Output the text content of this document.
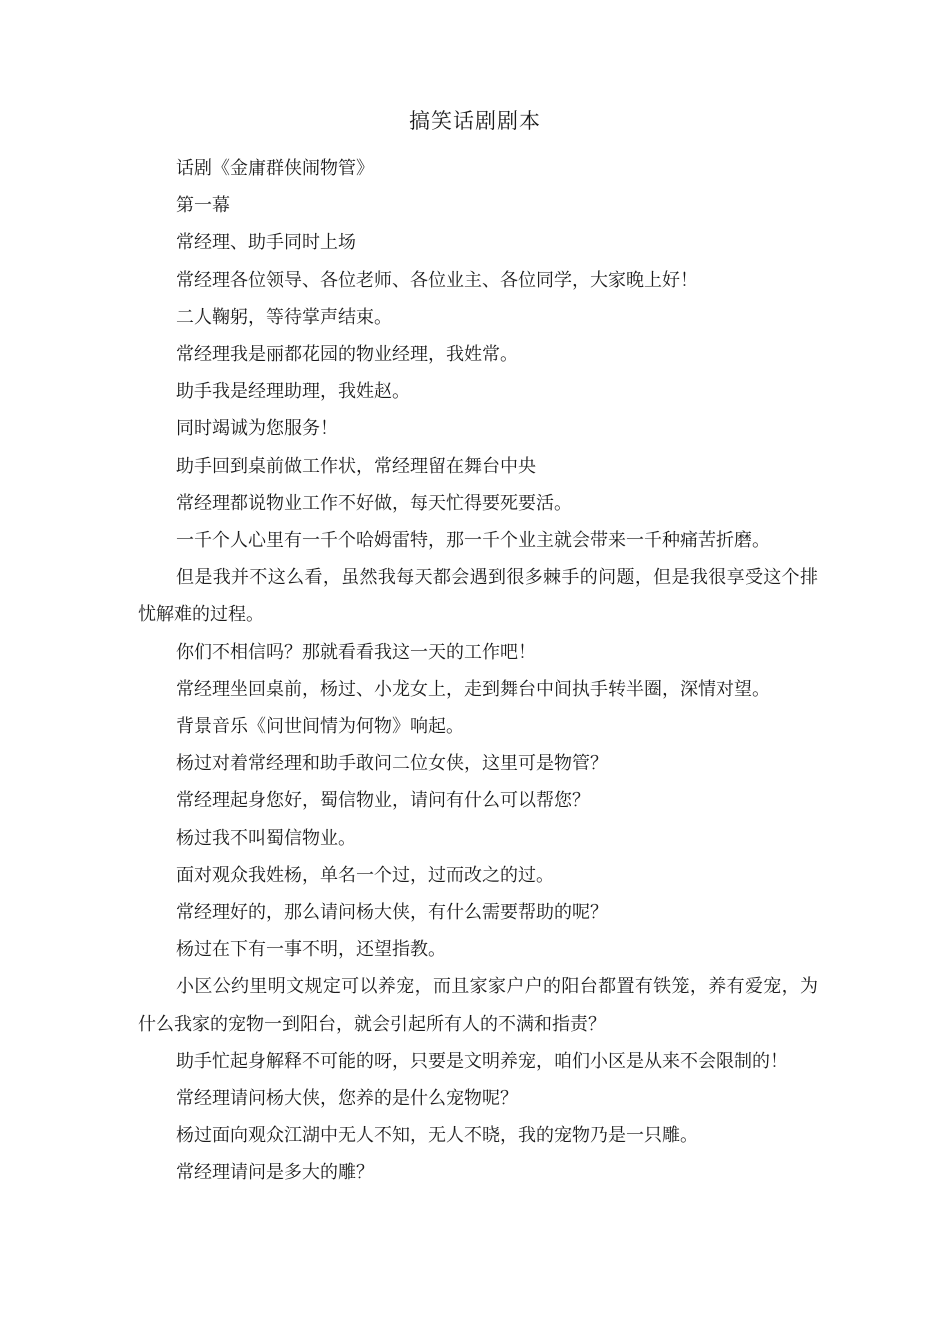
搞笑话剧剧本

话剧《金庸群侠闹物管》

第一幕

常经理、助手同时上场

常经理各位领导、各位老师、各位业主、各位同学，大家晚上好！

二人鞠躬，等待掌声结束。

常经理我是丽都花园的物业经理，我姓常。

助手我是经理助理，我姓赵。

同时竭诚为您服务！

助手回到桌前做工作状，常经理留在舞台中央

常经理都说物业工作不好做，每天忙得要死要活。

一千个人心里有一千个哈姆雷特，那一千个业主就会带来一千种痛苦折磨。

但是我并不这么看，虽然我每天都会遇到很多棘手的问题，但是我很享受这个排忧解难的过程。

你们不相信吗？那就看看我这一天的工作吧！

常经理坐回桌前，杨过、小龙女上，走到舞台中间执手转半圈，深情对望。

背景音乐《问世间情为何物》响起。

杨过对着常经理和助手敢问二位女侠，这里可是物管？

常经理起身您好，蜀信物业，请问有什么可以帮您？

杨过我不叫蜀信物业。

面对观众我姓杨，单名一个过，过而改之的过。

常经理好的，那么请问杨大侠，有什么需要帮助的呢？

杨过在下有一事不明，还望指教。

小区公约里明文规定可以养宠，而且家家户户的阳台都置有铁笼，养有爱宠，为什么我家的宠物一到阳台，就会引起所有人的不满和指责？

助手忙起身解释不可能的呀，只要是文明养宠，咱们小区是从来不会限制的！

常经理请问杨大侠，您养的是什么宠物呢？

杨过面向观众江湖中无人不知，无人不晓，我的宠物乃是一只雕。

常经理请问是多大的雕？
